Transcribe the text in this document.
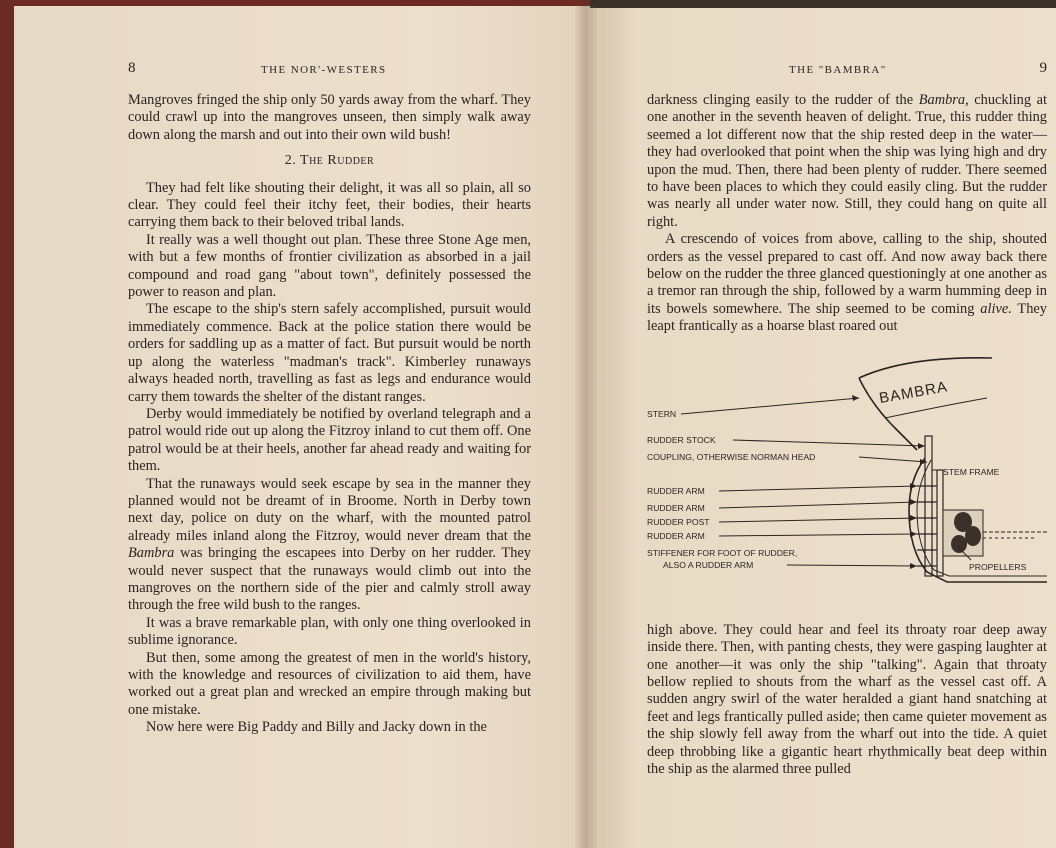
8	THE NOR'-WESTERS

Mangroves fringed the ship only 50 yards away from the wharf. They could crawl up into the mangroves unseen, then simply walk away down along the marsh and out into their own wild bush!

2. The Rudder

They had felt like shouting their delight, it was all so plain, all so clear. They could feel their itchy feet, their bodies, their hearts carrying them back to their beloved tribal lands.

It really was a well thought out plan. These three Stone Age men, with but a few months of frontier civilization as absorbed in a jail compound and road gang "about town", definitely possessed the power to reason and plan.

The escape to the ship's stern safely accomplished, pursuit would immediately commence. Back at the police station there would be orders for saddling up as a matter of fact. But pursuit would be north up along the waterless "madman's track". Kimberley runaways always headed north, travelling as fast as legs and endurance would carry them towards the shelter of the distant ranges.

Derby would immediately be notified by overland telegraph and a patrol would ride out up along the Fitzroy inland to cut them off. One patrol would be at their heels, another far ahead ready and waiting for them.

That the runaways would seek escape by sea in the manner they planned would not be dreamt of in Broome. North in Derby town next day, police on duty on the wharf, with the mounted patrol already miles inland along the Fitzroy, would never dream that the Bambra was bringing the escapees into Derby on her rudder. They would never suspect that the runaways would climb out into the mangroves on the northern side of the pier and calmly stroll away through the free wild bush to the ranges.

It was a brave remarkable plan, with only one thing overlooked in sublime ignorance.

But then, some among the greatest of men in the world's history, with the knowledge and resources of civilization to aid them, have worked out a great plan and wrecked an empire through making but one mistake.

Now here were Big Paddy and Billy and Jacky down in the

THE "BAMBRA"	9

darkness clinging easily to the rudder of the Bambra, chuckling at one another in the seventh heaven of delight. True, this rudder thing seemed a lot different now that the ship rested deep in the water—they had overlooked that point when the ship was lying high and dry upon the mud. Then, there had been plenty of rudder. There seemed to have been places to which they could easily cling. But the rudder was nearly all under water now. Still, they could hang on quite all right.

A crescendo of voices from above, calling to the ship, shouted orders as the vessel prepared to cast off. And now away back there below on the rudder the three glanced questioningly at one another as a tremor ran through the ship, followed by a warm humming deep in its bowels somewhere. The ship seemed to be coming alive. They leapt frantically as a hoarse blast roared out

BAMBRA
STERN
RUDDER STOCK
COUPLING, OTHERWISE NORMAN HEAD
STEM FRAME
RUDDER ARM
RUDDER ARM
RUDDER POST
RUDDER ARM
STIFFENER FOR FOOT OF RUDDER,
ALSO A RUDDER ARM	PROPELLERS

high above. They could hear and feel its throaty roar deep away inside there. Then, with panting chests, they were gasping laughter at one another—it was only the ship "talking". Again that throaty bellow replied to shouts from the wharf as the vessel cast off. A sudden angry swirl of the water heralded a giant hand snatching at feet and legs frantically pulled aside; then came quieter movement as the ship slowly fell away from the wharf out into the tide. A quiet deep throbbing like a gigantic heart rhythmically beat deep within the ship as the alarmed three pulled
